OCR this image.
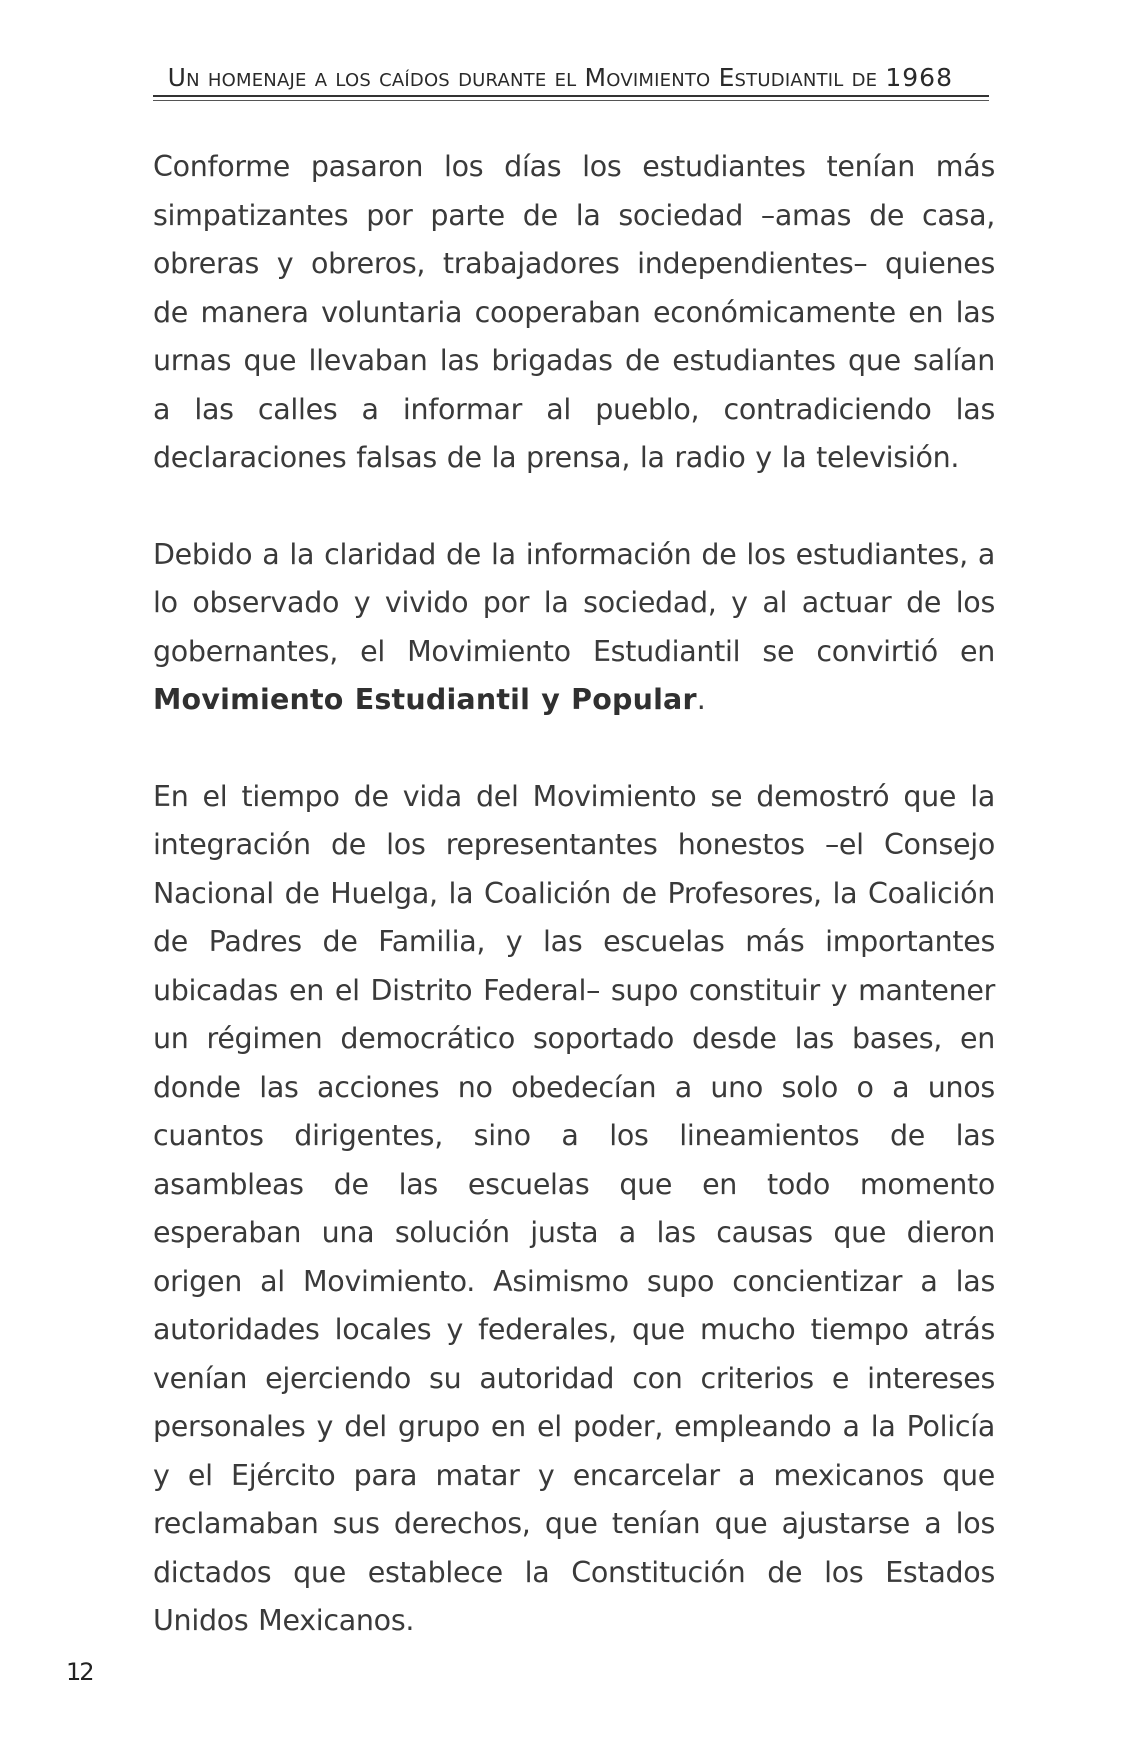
Un homenaje a los caídos durante el Movimiento Estudiantil de 1968

Conforme pasaron los días los estudiantes tenían más simpatizantes por parte de la sociedad –amas de casa, obreras y obreros, trabajadores independientes– quienes de manera voluntaria cooperaban económicamente en las urnas que llevaban las brigadas de estudiantes que salían a las calles a informar al pueblo, contradiciendo las declaraciones falsas de la prensa, la radio y la televisión.

Debido a la claridad de la información de los estudiantes, a lo observado y vivido por la sociedad, y al actuar de los gobernantes, el Movimiento Estudiantil se convirtió en Movimiento Estudiantil y Popular.

En el tiempo de vida del Movimiento se demostró que la integración de los representantes honestos –el Consejo Nacional de Huelga, la Coalición de Profesores, la Coalición de Padres de Familia, y las escuelas más importantes ubicadas en el Distrito Federal– supo constituir y mantener un régimen democrático soportado desde las bases, en donde las acciones no obedecían a uno solo o a unos cuantos dirigentes, sino a los lineamientos de las asambleas de las escuelas que en todo momento esperaban una solución justa a las causas que dieron origen al Movimiento. Asimismo supo concientizar a las autoridades locales y federales, que mucho tiempo atrás venían ejerciendo su autoridad con criterios e intereses personales y del grupo en el poder, empleando a la Policía y el Ejército para matar y encarcelar a mexicanos que reclamaban sus derechos, que tenían que ajustarse a los dictados que establece la Constitución de los Estados Unidos Mexicanos.

12
